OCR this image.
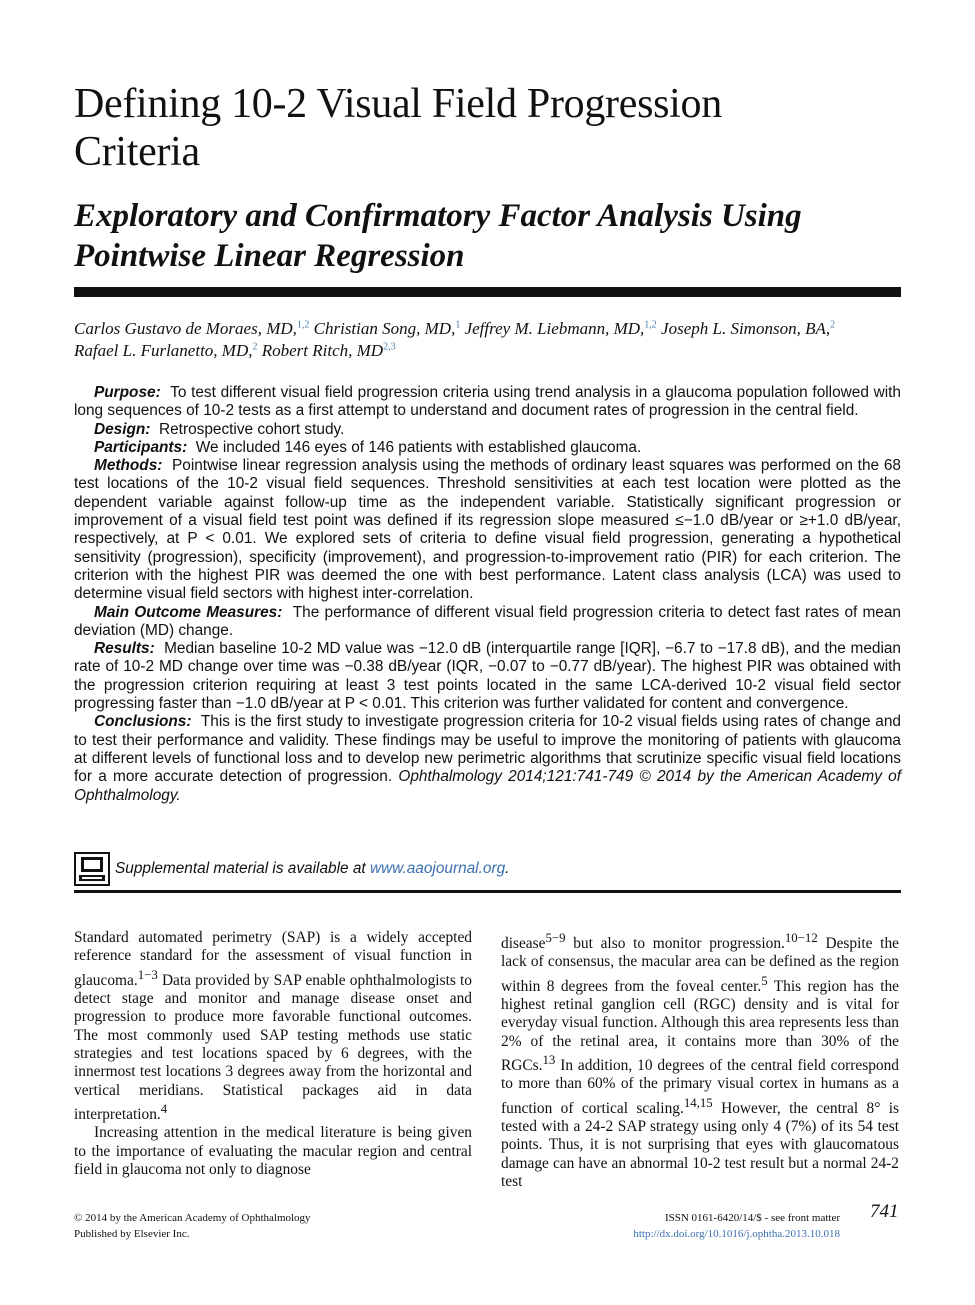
Defining 10-2 Visual Field Progression
Criteria
Exploratory and Confirmatory Factor Analysis Using
Pointwise Linear Regression
Carlos Gustavo de Moraes, MD,$^{1,2}$ Christian Song, MD,$^1$ Jeffrey M. Liebmann, MD,$^{1,2}$ Joseph L. Simonson, BA,$^2$
Rafael L. Furlanetto, MD,$^2$ Robert Ritch, MD$^{2,3}$

Purpose: To test different visual field progression criteria using trend analysis in a glaucoma population followed with long sequences of 10-2 tests as a first attempt to understand and document rates of progression in the central field.

Design: Retrospective cohort study.

Participants: We included 146 eyes of 146 patients with established glaucoma.

Methods: Pointwise linear regression analysis using the methods of ordinary least squares was performed on the 68 test locations of the 10-2 visual field sequences. Threshold sensitivities at each test location were plotted as the dependent variable against follow-up time as the independent variable. Statistically significant progression or improvement of a visual field test point was defined if its regression slope measured ≤−1.0 dB/year or ≥+1.0 dB/year, respectively, at P < 0.01. We explored sets of criteria to define visual field progression, generating a hypothetical sensitivity (progression), specificity (improvement), and progression-to-improvement ratio (PIR) for each criterion. The criterion with the highest PIR was deemed the one with best performance. Latent class analysis (LCA) was used to determine visual field sectors with highest inter-correlation.

Main Outcome Measures: The performance of different visual field progression criteria to detect fast rates of mean deviation (MD) change.

Results: Median baseline 10-2 MD value was −12.0 dB (interquartile range [IQR], −6.7 to −17.8 dB), and the median rate of 10-2 MD change over time was −0.38 dB/year (IQR, −0.07 to −0.77 dB/year). The highest PIR was obtained with the progression criterion requiring at least 3 test points located in the same LCA-derived 10-2 visual field sector progressing faster than −1.0 dB/year at P < 0.01. This criterion was further validated for content and convergence.

Conclusions: This is the first study to investigate progression criteria for 10-2 visual fields using rates of change and to test their performance and validity. These findings may be useful to improve the monitoring of patients with glaucoma at different levels of functional loss and to develop new perimetric algorithms that scrutinize specific visual field locations for a more accurate detection of progression. Ophthalmology 2014;121:741-749 © 2014 by the American Academy of Ophthalmology.

Supplemental material is available at www.aaojournal.org.

Standard automated perimetry (SAP) is a widely accepted reference standard for the assessment of visual function in glaucoma.$^{1-3}$ Data provided by SAP enable ophthalmologists to detect stage and monitor and manage disease onset and progression to produce more favorable functional outcomes. The most commonly used SAP testing methods use static strategies and test locations spaced by 6 degrees, with the innermost test locations 3 degrees away from the horizontal and vertical meridians. Statistical packages aid in data interpretation.$^4$

Increasing attention in the medical literature is being given to the importance of evaluating the macular region and central field in glaucoma not only to diagnose

disease$^{5-9}$ but also to monitor progression.$^{10-12}$ Despite the lack of consensus, the macular area can be defined as the region within 8 degrees from the foveal center.$^5$ This region has the highest retinal ganglion cell (RGC) density and is vital for everyday visual function. Although this area represents less than 2% of the retinal area, it contains more than 30% of the RGCs.$^{13}$ In addition, 10 degrees of the central field correspond to more than 60% of the primary visual cortex in humans as a function of cortical scaling.$^{14,15}$ However, the central 8° is tested with a 24-2 SAP strategy using only 4 (7%) of its 54 test points. Thus, it is not surprising that eyes with glaucomatous damage can have an abnormal 10-2 test result but a normal 24-2 test

© 2014 by the American Academy of Ophthalmology
Published by Elsevier Inc.
ISSN 0161-6420/14/$ - see front matter
http://dx.doi.org/10.1016/j.ophtha.2013.10.018
741
